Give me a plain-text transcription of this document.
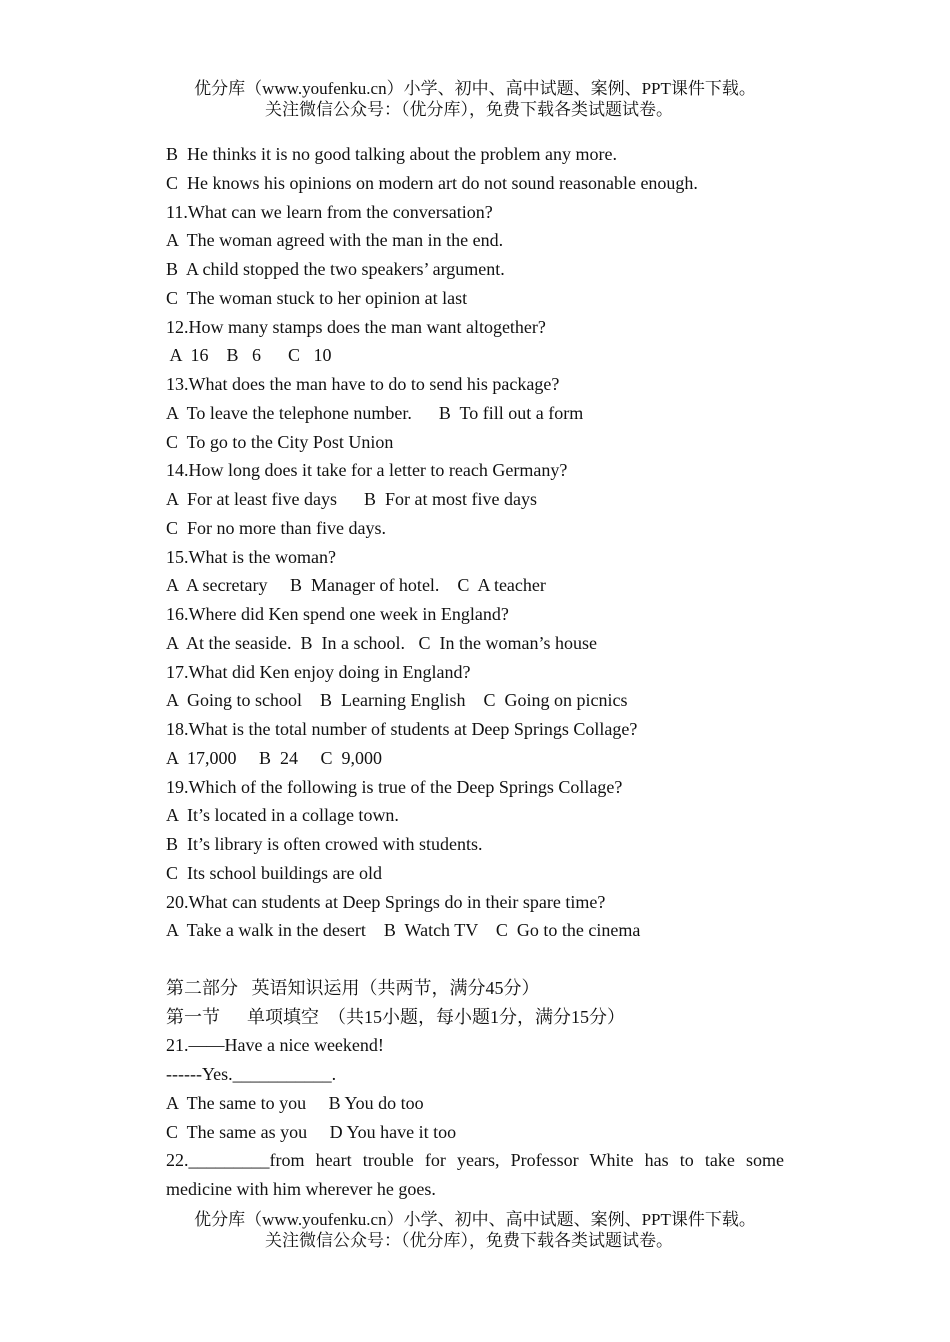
优分库（www.youfenku.cn）小学、初中、高中试题、案例、PPT课件下载。
关注微信公众号：（优分库），免费下载各类试题试卷。
B  He thinks it is no good talking about the problem any more.
C  He knows his opinions on modern art do not sound reasonable enough.
11.What can we learn from the conversation?
A  The woman agreed with the man in the end.
B  A child stopped the two speakers’ argument.
C  The woman stuck to her opinion at last
12.How many stamps does the man want altogether?
A  16    B   6      C   10
13.What does the man have to do to send his package?
A  To leave the telephone number.      B  To fill out a form
C  To go to the City Post Union
14.How long does it take for a letter to reach Germany?
A  For at least five days      B  For at most five days
C  For no more than five days.
15.What is the woman?
A  A secretary     B  Manager of hotel.    C  A teacher
16.Where did Ken spend one week in England?
A  At the seaside.  B  In a school.   C  In the woman’s house
17.What did Ken enjoy doing in England?
A  Going to school    B  Learning English    C  Going on picnics
18.What is the total number of students at Deep Springs Collage?
A  17,000     B  24     C  9,000
19.Which of the following is true of the Deep Springs Collage?
A  It’s located in a collage town.
B  It’s library is often crowed with students.
C  Its school buildings are old
20.What can students at Deep Springs do in their spare time?
A  Take a walk in the desert    B  Watch TV    C  Go to the cinema
第二部分   英语知识运用（共两节，满分45分）
第一节      单项填空  （共15小题，每小题1分，满分15分）
21.——Have a nice weekend!
------Yes.___________.
A  The same to you     B You do too
C  The same as you     D You have it too
22._________from heart trouble for years, Professor White has to take some
medicine with him wherever he goes.
优分库（www.youfenku.cn）小学、初中、高中试题、案例、PPT课件下载。
关注微信公众号：（优分库），免费下载各类试题试卷。
